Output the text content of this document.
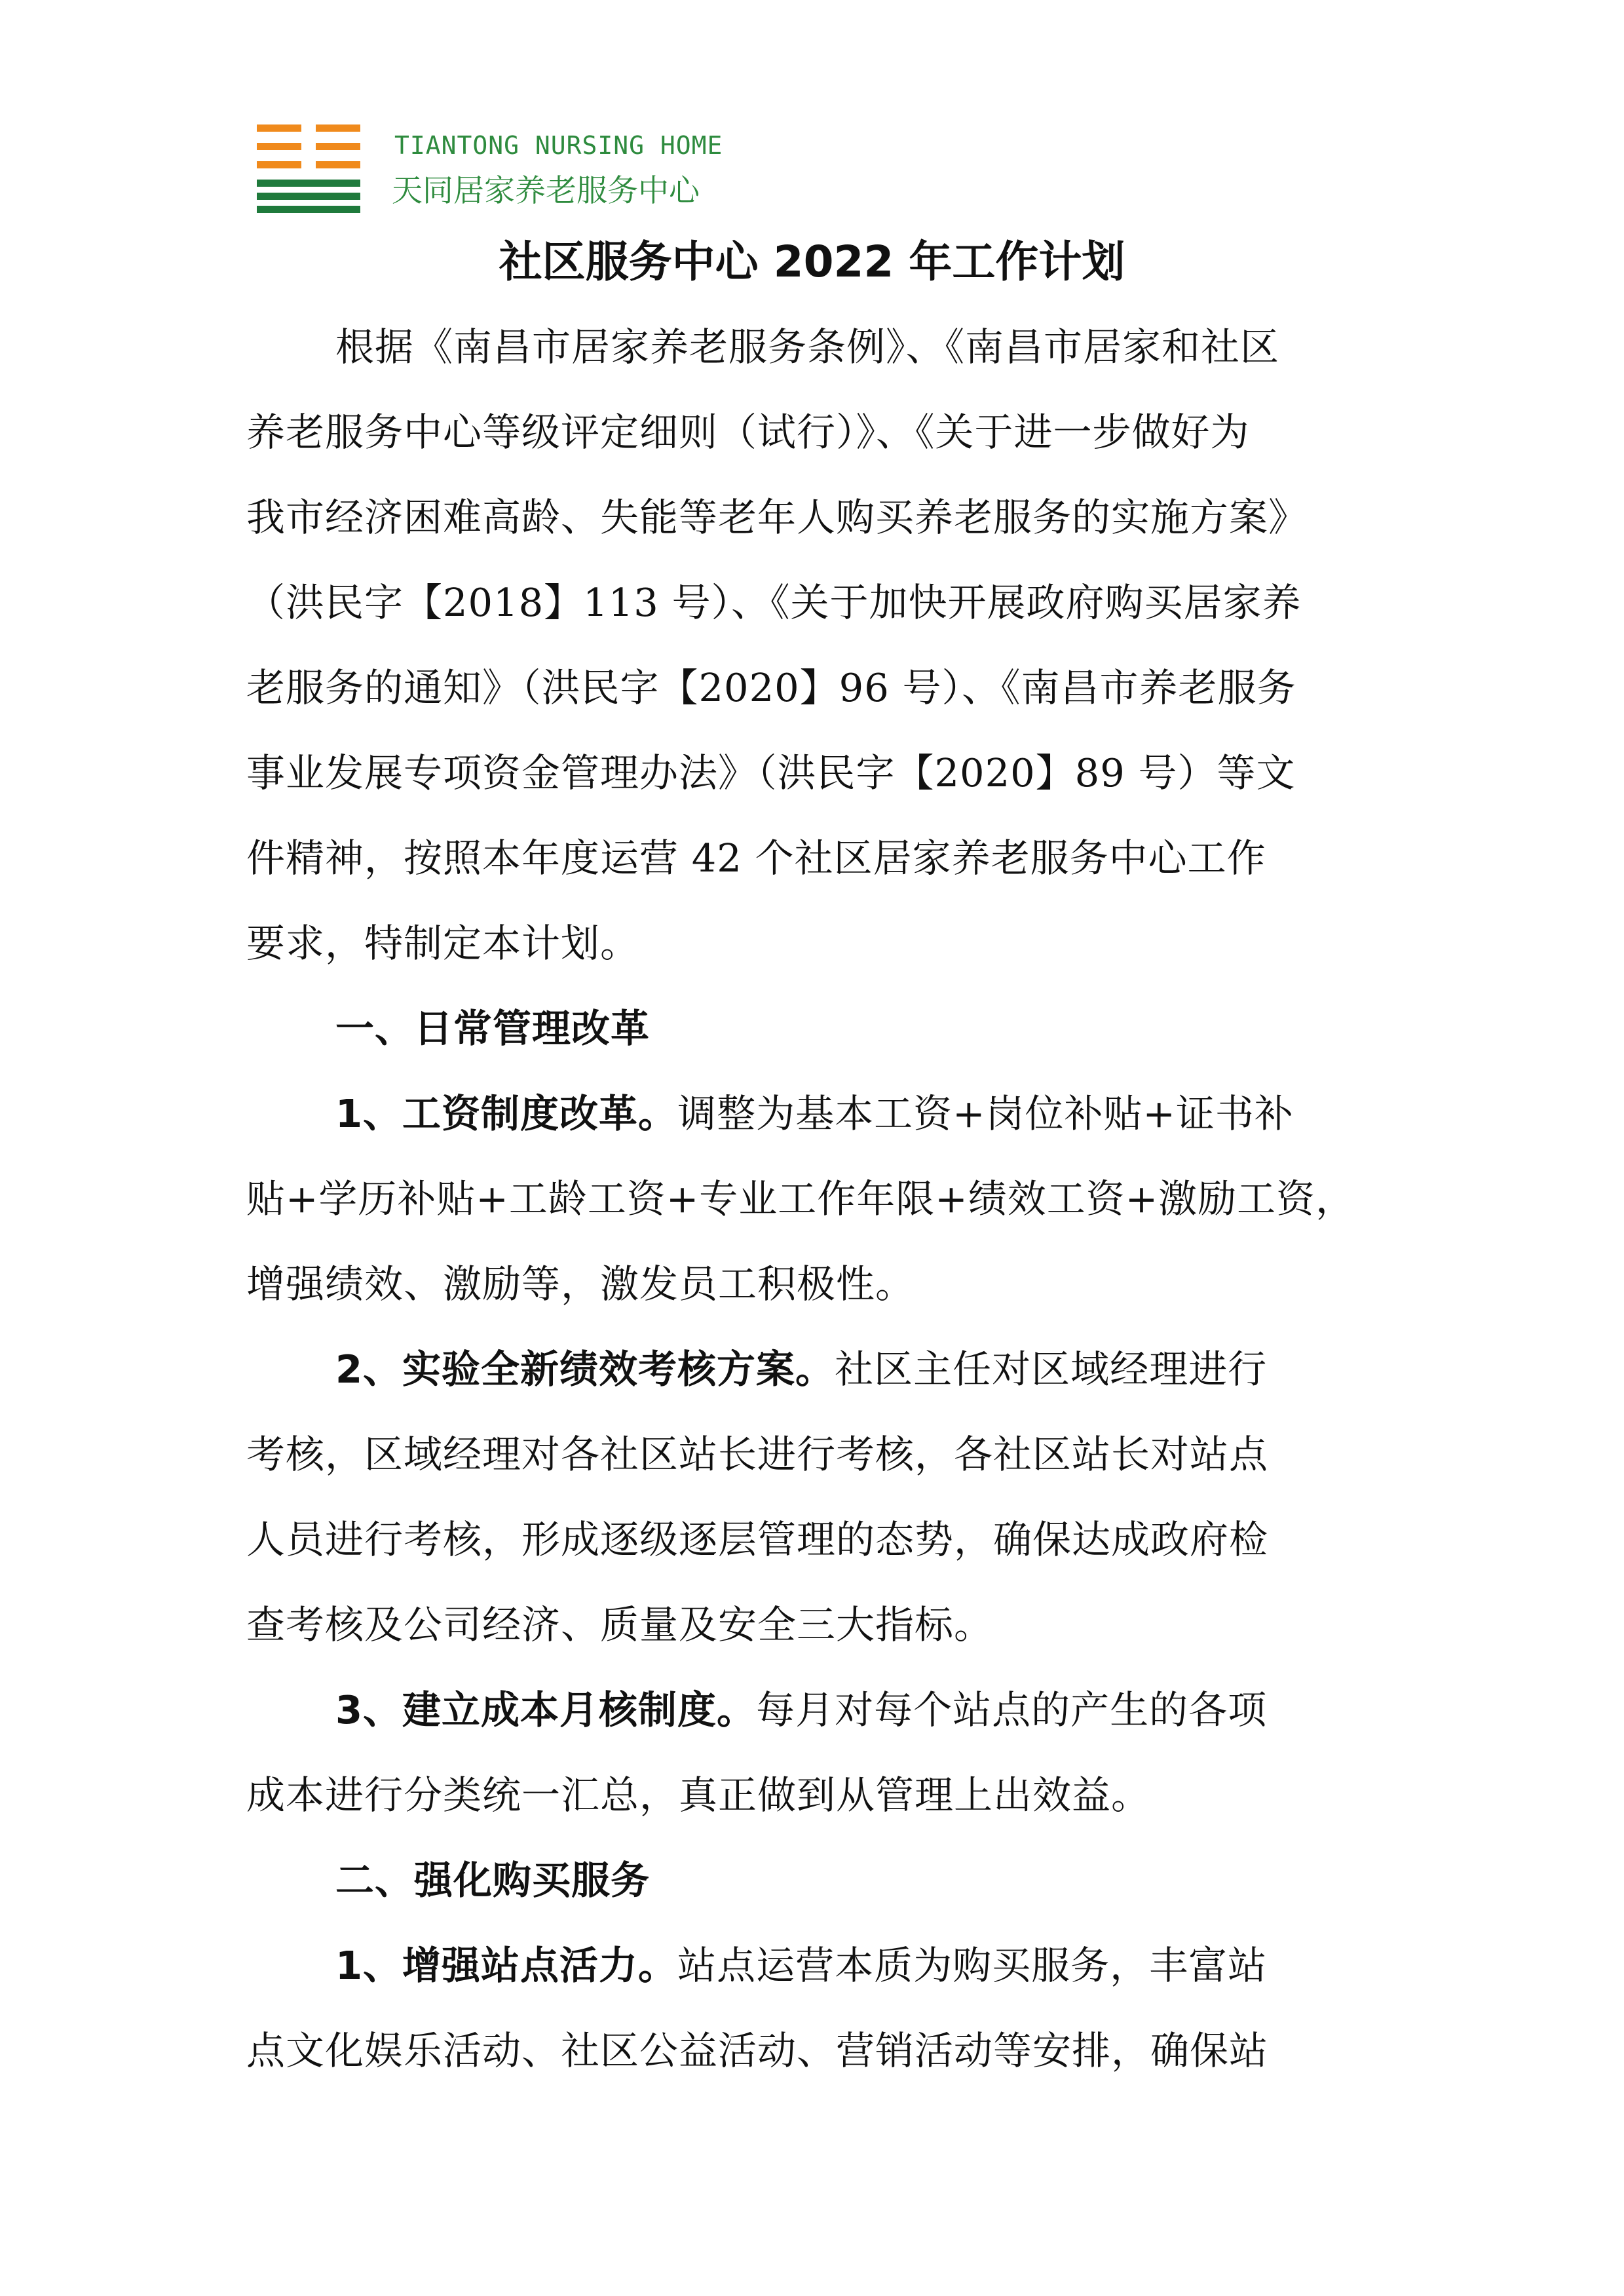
TIANTONG NURSING HOME
天同居家养老服务中心
社区服务中心 2022 年工作计划
根据《南昌市居家养老服务条例》、《南昌市居家和社区
养老服务中心等级评定细则（试行）》、《关于进一步做好为
我市经济困难高龄、失能等老年人购买养老服务的实施方案》
（洪民字【2018】113 号）、《关于加快开展政府购买居家养
老服务的通知》（洪民字【2020】96 号）、《南昌市养老服务
事业发展专项资金管理办法》（洪民字【2020】89 号）等文
件精神，按照本年度运营 42 个社区居家养老服务中心工作
要求，特制定本计划。
一、日常管理改革
1、工资制度改革。调整为基本工资+岗位补贴+证书补
贴+学历补贴+工龄工资+专业工作年限+绩效工资+激励工资，
增强绩效、激励等，激发员工积极性。
2、实验全新绩效考核方案。社区主任对区域经理进行
考核，区域经理对各社区站长进行考核，各社区站长对站点
人员进行考核，形成逐级逐层管理的态势，确保达成政府检
查考核及公司经济、质量及安全三大指标。
3、建立成本月核制度。每月对每个站点的产生的各项
成本进行分类统一汇总，真正做到从管理上出效益。
二、强化购买服务
1、增强站点活力。站点运营本质为购买服务，丰富站
点文化娱乐活动、社区公益活动、营销活动等安排，确保站
